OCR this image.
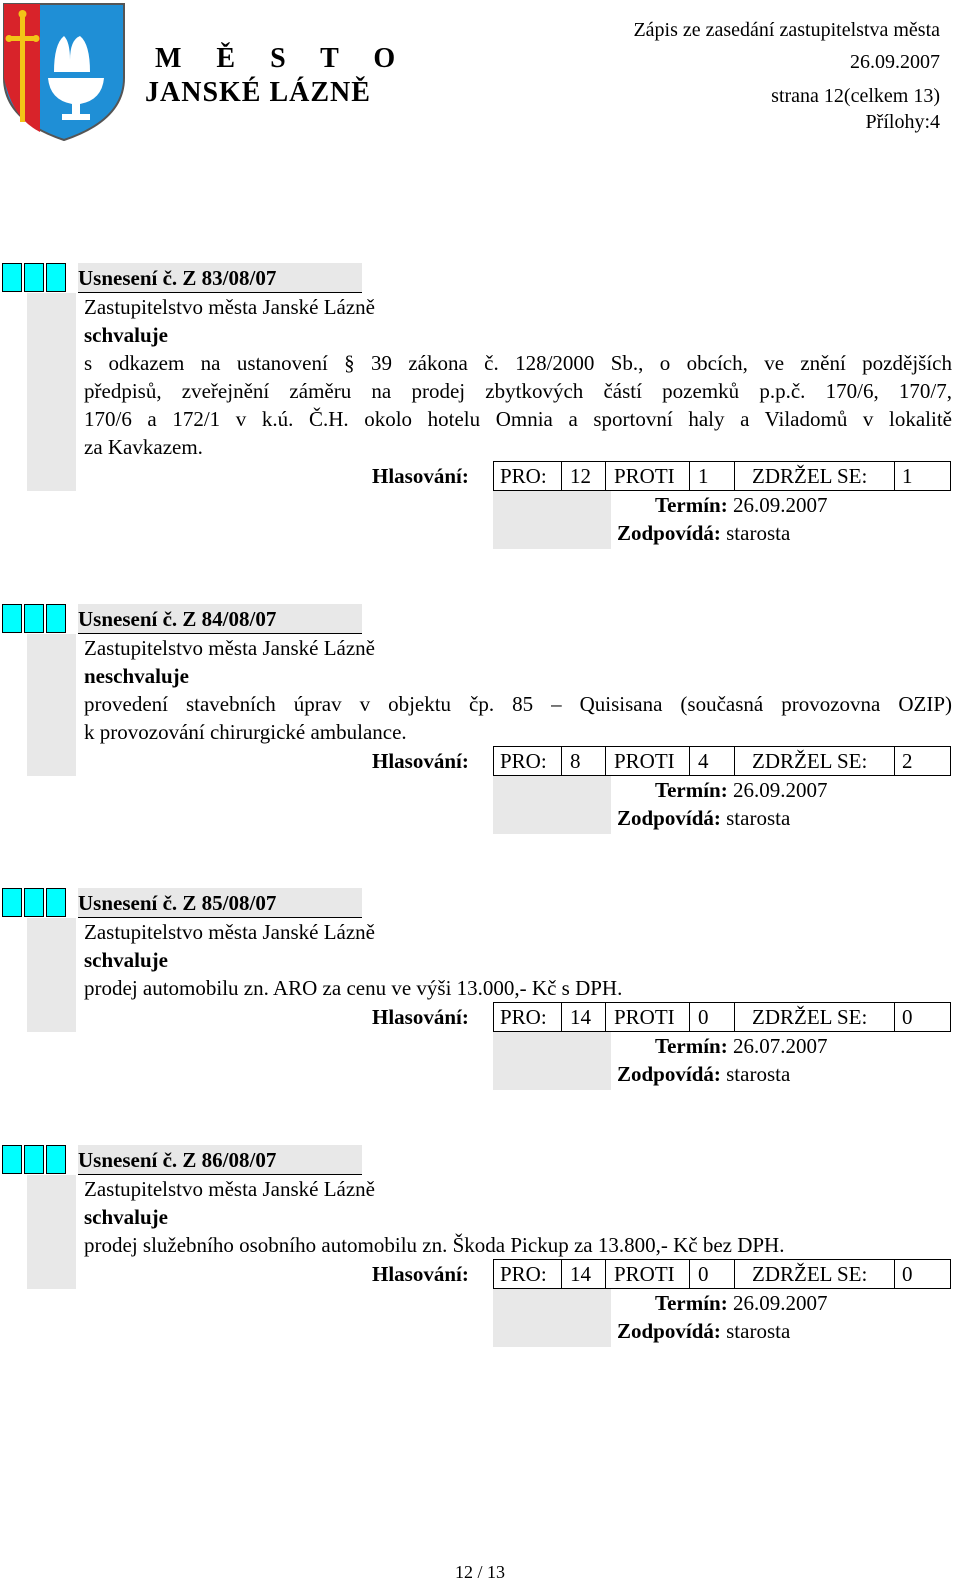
M Ě S T O
JANSKÉ LÁZNĚ
Zápis ze zasedání zastupitelstva města
26.09.2007
strana 12(celkem 13)
Přílohy:4
Usnesení č. Z 83/08/07
Zastupitelstvo města Janské Lázně
schvaluje
s odkazem na ustanovení § 39 zákona č. 128/2000 Sb., o obcích, ve znění pozdějších
předpisů, zveřejnění záměru na prodej zbytkových částí pozemků p.p.č. 170/6, 170/7,
170/6 a 172/1 v k.ú. Č.H. okolo hotelu Omnia a sportovní haly a Viladomů v lokalitě
za Kavkazem.
Hlasování: PRO: 12 PROTI 1 ZDRŽEL SE: 1
Termín: 26.09.2007
Zodpovídá: starosta
Usnesení č. Z 84/08/07
Zastupitelstvo města Janské Lázně
neschvaluje
provedení stavebních úprav v objektu čp. 85 – Quisisana (současná provozovna OZIP)
k provozování chirurgické ambulance.
Hlasování: PRO: 8 PROTI 4 ZDRŽEL SE: 2
Termín: 26.09.2007
Zodpovídá: starosta
Usnesení č. Z 85/08/07
Zastupitelstvo města Janské Lázně
schvaluje
prodej automobilu zn. ARO za cenu ve výši 13.000,- Kč s DPH.
Hlasování: PRO: 14 PROTI 0 ZDRŽEL SE: 0
Termín: 26.07.2007
Zodpovídá: starosta
Usnesení č. Z 86/08/07
Zastupitelstvo města Janské Lázně
schvaluje
prodej služebního osobního automobilu zn. Škoda Pickup za 13.800,- Kč bez DPH.
Hlasování: PRO: 14 PROTI 0 ZDRŽEL SE: 0
Termín: 26.09.2007
Zodpovídá: starosta
12 / 13
